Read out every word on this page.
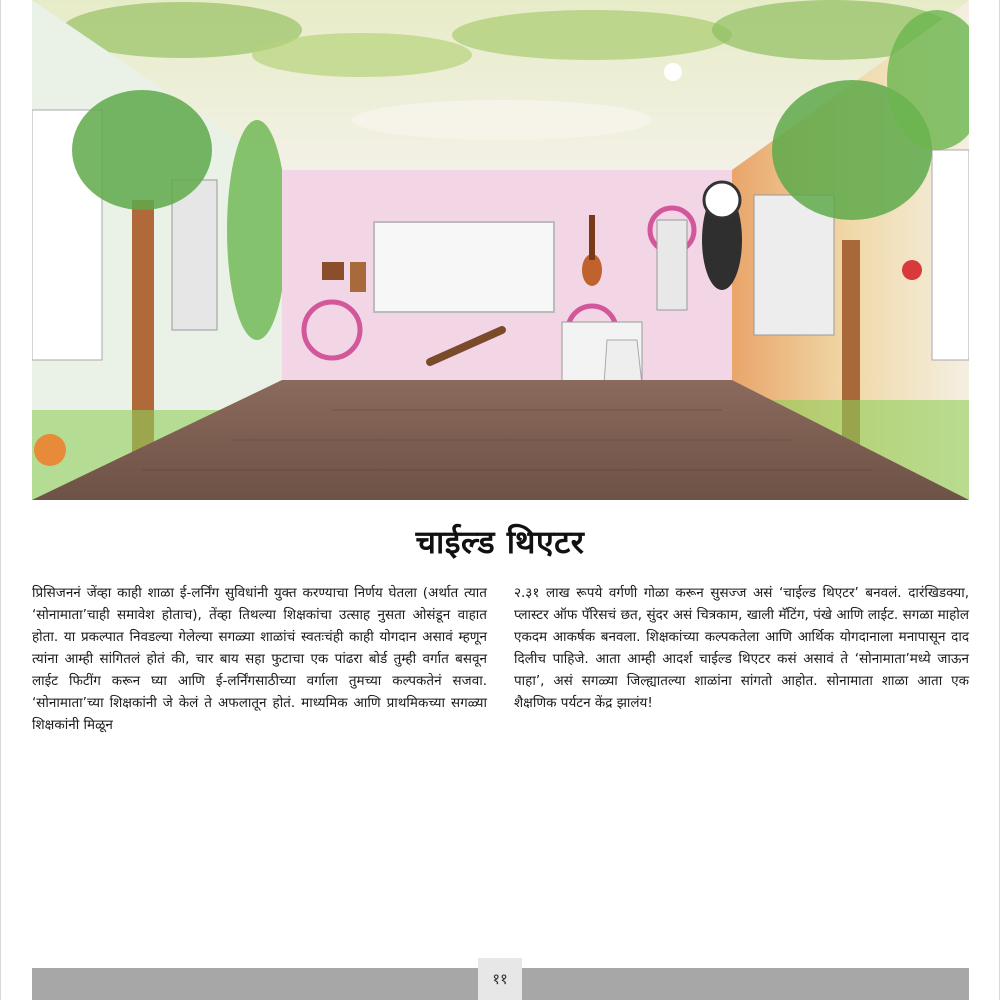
चाईल्ड थिएटर
प्रिसिजननं जेंव्हा काही शाळा ई-लर्निंग सुविधांनी युक्त करण्याचा निर्णय घेतला (अर्थात त्यात ‘सोनामाता’चाही समावेश होताच), तेंव्हा तिथल्या शिक्षकांचा उत्साह नुसता ओसंडून वाहात होता. या प्रकल्पात निवडल्या गेलेल्या सगळ्या शाळांचं स्वतःचंही काही योगदान असावं म्हणून त्यांना आम्ही सांगितलं होतं की, चार बाय सहा फुटाचा एक पांढरा बोर्ड तुम्ही वर्गात बसवून लाईट फिटींग करून घ्या आणि ई-लर्निंगसाठीच्या वर्गाला तुमच्या कल्पकतेनं सजवा. ‘सोनामाता’च्या शिक्षकांनी जे केलं ते अफलातून होतं. माध्यमिक आणि प्राथमिकच्या सगळ्या शिक्षकांनी मिळून
२.३१ लाख रूपये वर्गणी गोळा करून सुसज्ज असं ‘चाईल्ड थिएटर’ बनवलं. दारंखिडक्या, प्लास्टर ऑफ पॅरिसचं छत, सुंदर असं चित्रकाम, खाली मॅटिंग, पंखे आणि लाईट. सगळा माहोल एकदम आकर्षक बनवला. शिक्षकांच्या कल्पकतेला आणि आर्थिक योगदानाला मनापासून दाद दिलीच पाहिजे. आता आम्ही आदर्श चाईल्ड थिएटर कसं असावं ते ‘सोनामाता’मध्ये जाऊन पाहा’, असं सगळ्या जिल्ह्यातल्या शाळांना सांगतो आहोत. सोनामाता शाळा आता एक शैक्षणिक पर्यटन केंद्र झालंय!
११
